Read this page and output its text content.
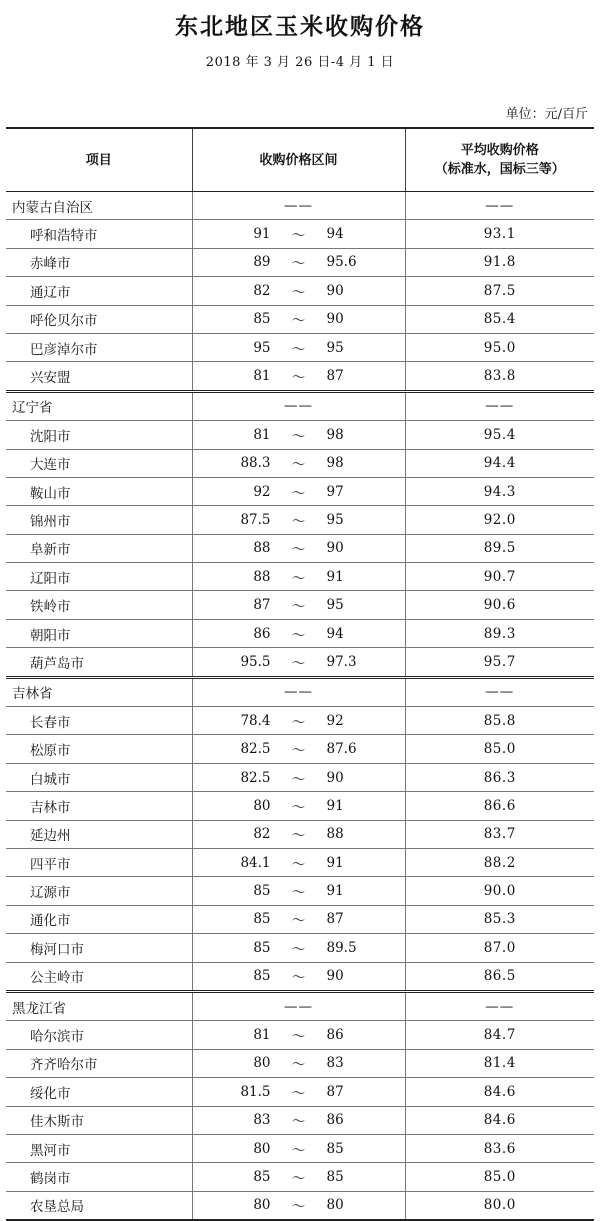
东北地区玉米收购价格
2018 年 3 月 26 日-4 月 1 日
单位：元/百斤
项目	收购价格区间	平均收购价格
（标准水，国标三等）

内蒙古自治区	——	——
呼和浩特市	91 ～ 94	93.1
赤峰市	89 ～ 95.6	91.8
通辽市	82 ～ 90	87.5
呼伦贝尔市	85 ～ 90	85.4
巴彦淖尔市	95 ～ 95	95.0
兴安盟	81 ～ 87	83.8
辽宁省	——	——
沈阳市	81 ～ 98	95.4
大连市	88.3 ～ 98	94.4
鞍山市	92 ～ 97	94.3
锦州市	87.5 ～ 95	92.0
阜新市	88 ～ 90	89.5
辽阳市	88 ～ 91	90.7
铁岭市	87 ～ 95	90.6
朝阳市	86 ～ 94	89.3
葫芦岛市	95.5 ～ 97.3	95.7
吉林省	——	——
长春市	78.4 ～ 92	85.8
松原市	82.5 ～ 87.6	85.0
白城市	82.5 ～ 90	86.3
吉林市	80 ～ 91	86.6
延边州	82 ～ 88	83.7
四平市	84.1 ～ 91	88.2
辽源市	85 ～ 91	90.0
通化市	85 ～ 87	85.3
梅河口市	85 ～ 89.5	87.0
公主岭市	85 ～ 90	86.5
黑龙江省	——	——
哈尔滨市	81 ～ 86	84.7
齐齐哈尔市	80 ～ 83	81.4
绥化市	81.5 ～ 87	84.6
佳木斯市	83 ～ 86	84.6
黑河市	80 ～ 85	83.6
鹤岗市	85 ～ 85	85.0
农垦总局	80 ～ 80	80.0
